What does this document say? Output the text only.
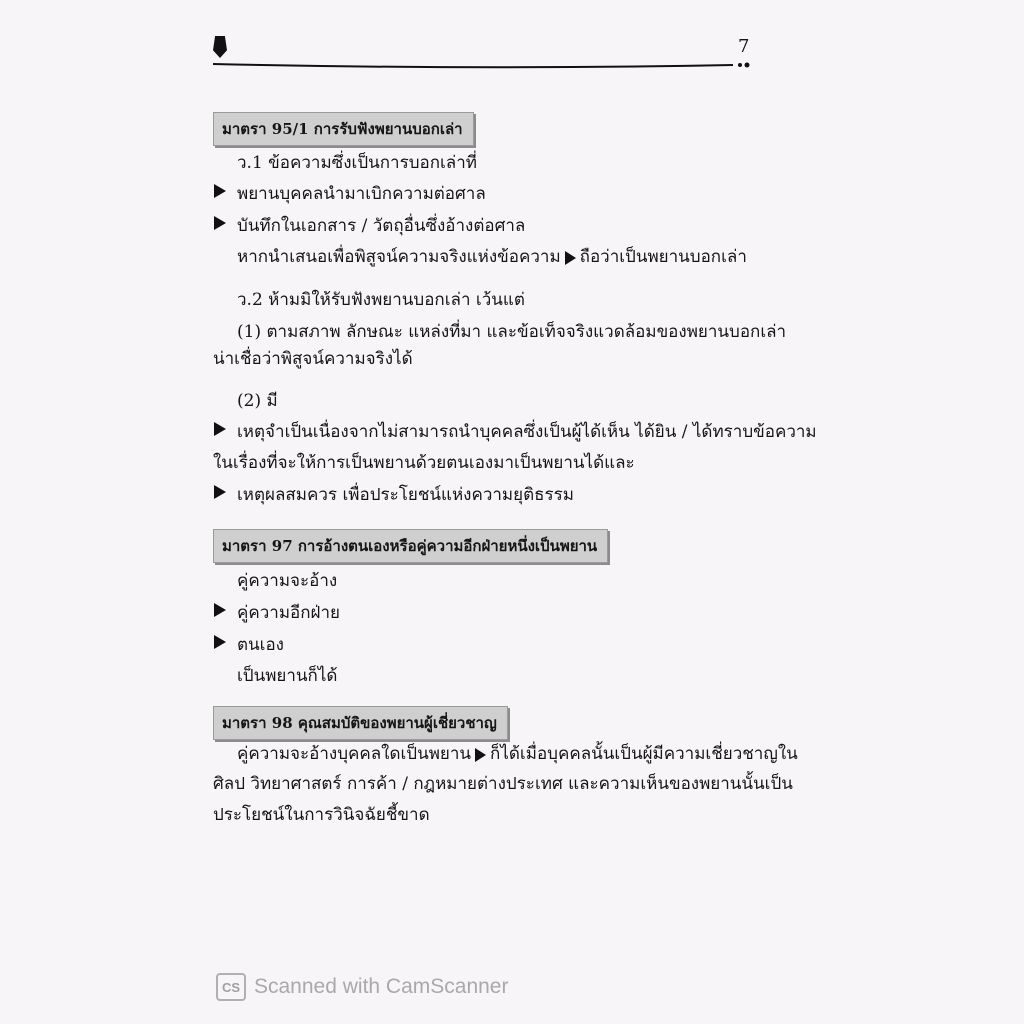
7
มาตรา 95/1 การรับฟังพยานบอกเล่า
ว.1 ข้อความซึ่งเป็นการบอกเล่าที่
พยานบุคคลนำมาเบิกความต่อศาล
บันทึกในเอกสาร / วัตถุอื่นซึ่งอ้างต่อศาล
หากนำเสนอเพื่อพิสูจน์ความจริงแห่งข้อความ ถือว่าเป็นพยานบอกเล่า
ว.2 ห้ามมิให้รับฟังพยานบอกเล่า เว้นแต่
(1) ตามสภาพ ลักษณะ แหล่งที่มา และข้อเท็จจริงแวดล้อมของพยานบอกเล่า
น่าเชื่อว่าพิสูจน์ความจริงได้
(2) มี
เหตุจำเป็นเนื่องจากไม่สามารถนำบุคคลซึ่งเป็นผู้ได้เห็น ได้ยิน / ได้ทราบข้อความ
ในเรื่องที่จะให้การเป็นพยานด้วยตนเองมาเป็นพยานได้และ
เหตุผลสมควร เพื่อประโยชน์แห่งความยุติธรรม
มาตรา 97 การอ้างตนเองหรือคู่ความอีกฝ่ายหนึ่งเป็นพยาน
คู่ความจะอ้าง
คู่ความอีกฝ่าย
ตนเอง
เป็นพยานก็ได้
มาตรา 98 คุณสมบัติของพยานผู้เชี่ยวชาญ
คู่ความจะอ้างบุคคลใดเป็นพยาน ก็ได้เมื่อบุคคลนั้นเป็นผู้มีความเชี่ยวชาญใน
ศิลป วิทยาศาสตร์ การค้า / กฎหมายต่างประเทศ และความเห็นของพยานนั้นเป็น
ประโยชน์ในการวินิจฉัยชี้ขาด
CS Scanned with CamScanner
